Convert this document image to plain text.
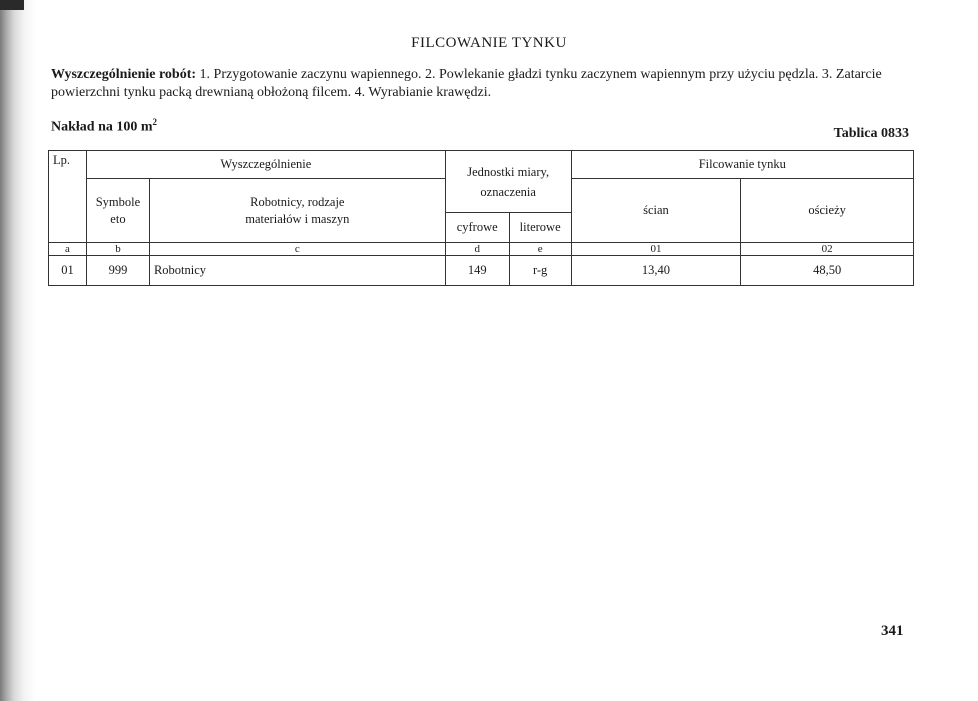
FILCOWANIE TYNKU
Wyszczególnienie robót: 1. Przygotowanie zaczynu wapiennego. 2. Powlekanie gładzi tynku zaczynem wapiennym przy użyciu pędzla. 3. Zatarcie powierzchni tynku packą drewnianą obłożoną filcem. 4. Wyrabianie krawędzi.
Nakład na 100 $m^2$
Tablica 0833
Lp.	Wyszczególnienie		Jednostki miary, oznaczenia		Filcowanie tynku	
	Symbole eto	Robotnicy, rodzaje materiałów i maszyn			ścian	ościeży
			cyfrowe	literowe		
a	b	c	d	e	01	02
01	999	Robotnicy	149	r-g	13,40	48,50
341
